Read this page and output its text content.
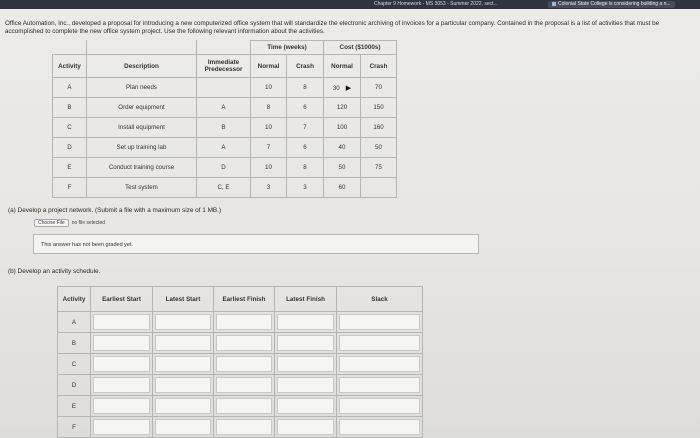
Chapter 9 Homework - MS 3053 - Summer 2022, sect...	Colonial State College is considering building a n...
Office Automation, Inc., developed a proposal for introducing a new computerized office system that will standardize the electronic archiving of invoices for a particular company. Contained in the proposal is a list of activities that must be accomplished to complete the new office system project. Use the following relevant information about the activities.
			Time (weeks)		Cost ($1000s)	
Activity	Description	Immediate Predecessor	Normal	Crash	Normal	Crash
A	Plan needs		10	8	30 ▶	70
B	Order equipment	A	8	6	120	150
C	Install equipment	B	10	7	100	160
D	Set up training lab	A	7	6	40	50
E	Conduct training course	D	10	8	50	75
F	Test system	C, E	3	3	60	
(a) Develop a project network. (Submit a file with a maximum size of 1 MB.)
Choose File no file selected
This answer has not been graded yet.
(b) Develop an activity schedule.
Activity	Earliest Start	Latest Start	Earliest Finish	Latest Finish	Slack
A	

B	

C	

D	

E	

F	
